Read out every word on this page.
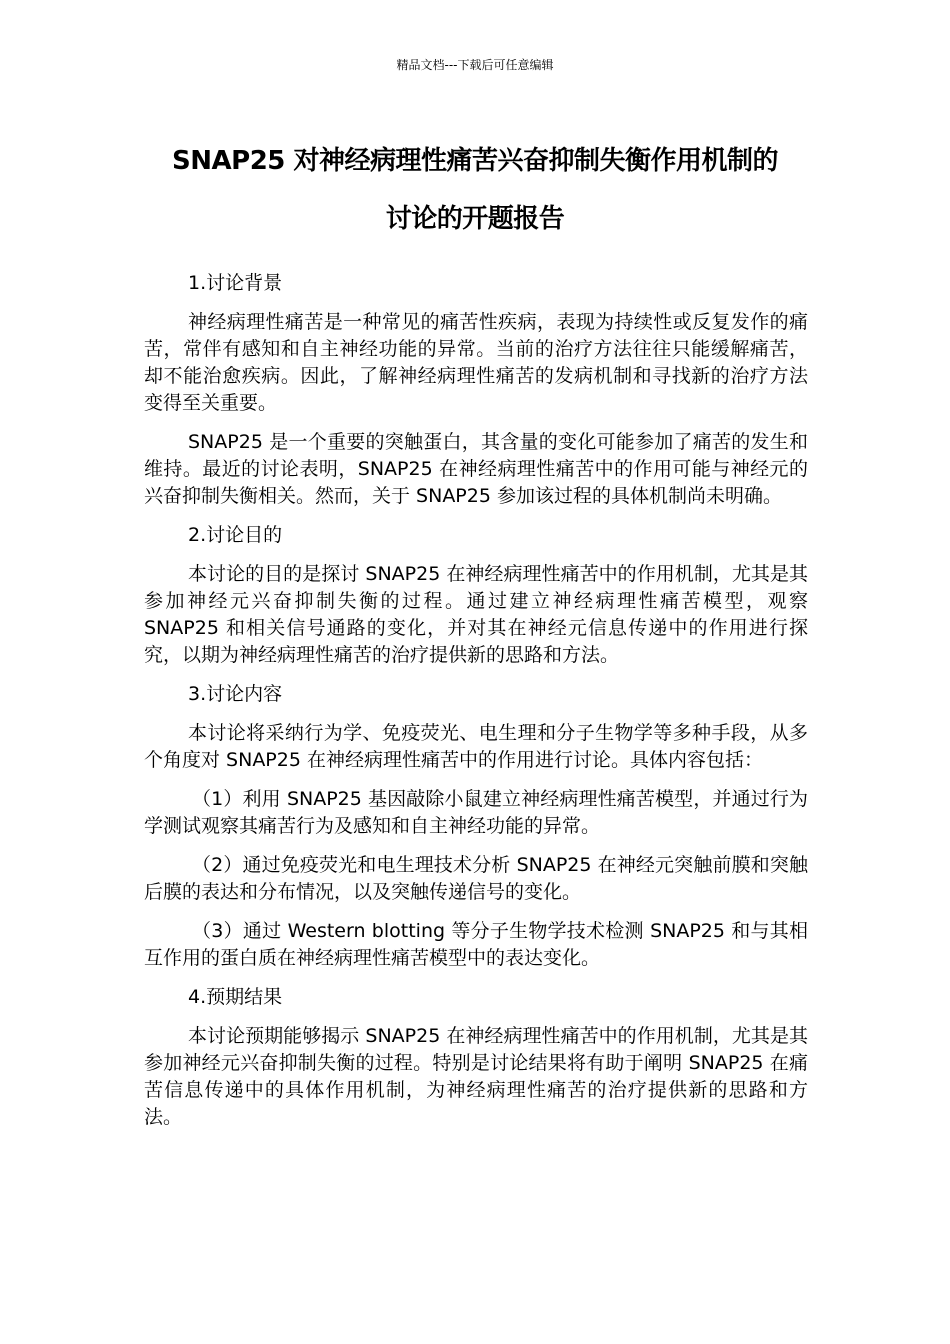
精品文档---下载后可任意编辑
SNAP25 对神经病理性痛苦兴奋抑制失衡作用机制的
讨论的开题报告
1.讨论背景

神经病理性痛苦是一种常见的痛苦性疾病，表现为持续性或反复发作的痛苦，常伴有感知和自主神经功能的异常。当前的治疗方法往往只能缓解痛苦，却不能治愈疾病。因此，了解神经病理性痛苦的发病机制和寻找新的治疗方法变得至关重要。

SNAP25 是一个重要的突触蛋白，其含量的变化可能参加了痛苦的发生和维持。最近的讨论表明，SNAP25 在神经病理性痛苦中的作用可能与神经元的兴奋抑制失衡相关。然而，关于 SNAP25 参加该过程的具体机制尚未明确。

2.讨论目的

本讨论的目的是探讨 SNAP25 在神经病理性痛苦中的作用机制，尤其是其参加神经元兴奋抑制失衡的过程。通过建立神经病理性痛苦模型，观察 SNAP25 和相关信号通路的变化，并对其在神经元信息传递中的作用进行探究，以期为神经病理性痛苦的治疗提供新的思路和方法。

3.讨论内容

本讨论将采纳行为学、免疫荧光、电生理和分子生物学等多种手段，从多个角度对 SNAP25 在神经病理性痛苦中的作用进行讨论。具体内容包括：

（1）利用 SNAP25 基因敲除小鼠建立神经病理性痛苦模型，并通过行为学测试观察其痛苦行为及感知和自主神经功能的异常。

（2）通过免疫荧光和电生理技术分析 SNAP25 在神经元突触前膜和突触后膜的表达和分布情况，以及突触传递信号的变化。

（3）通过 Western blotting 等分子生物学技术检测 SNAP25 和与其相互作用的蛋白质在神经病理性痛苦模型中的表达变化。

4.预期结果

本讨论预期能够揭示 SNAP25 在神经病理性痛苦中的作用机制，尤其是其参加神经元兴奋抑制失衡的过程。特别是讨论结果将有助于阐明 SNAP25 在痛苦信息传递中的具体作用机制，为神经病理性痛苦的治疗提供新的思路和方法。
